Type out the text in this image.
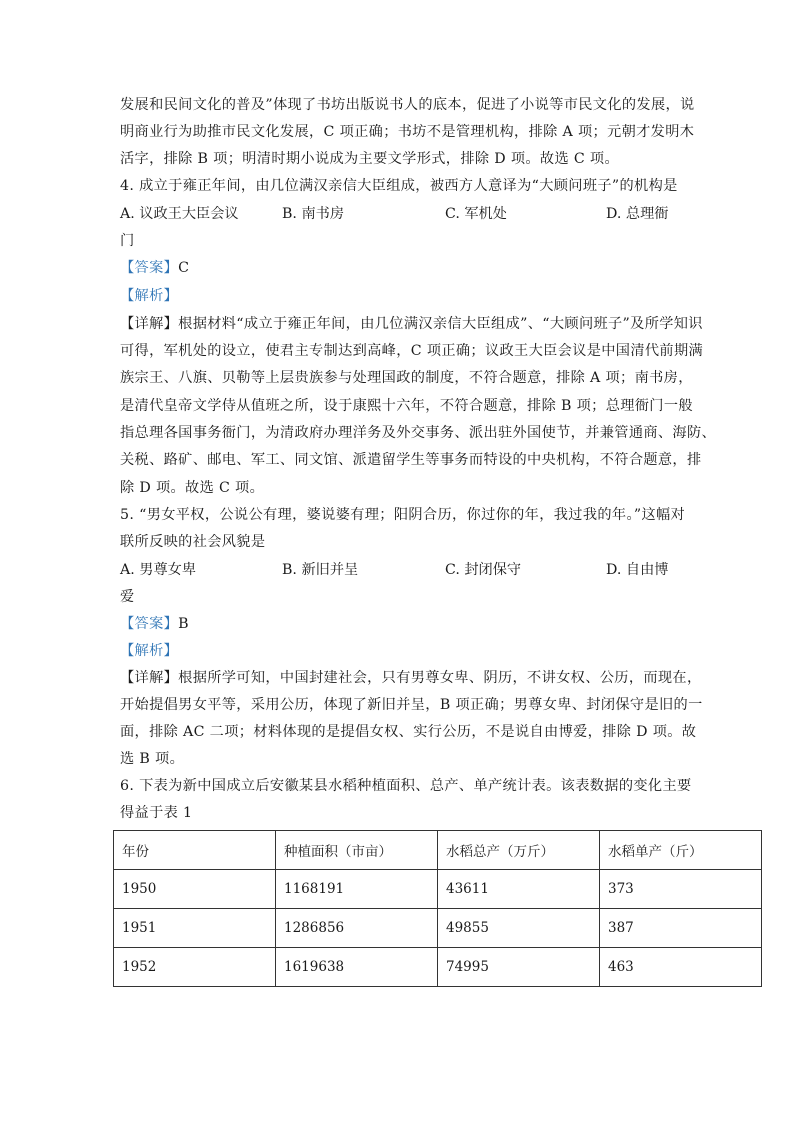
发展和民间文化的普及”体现了书坊出版说书人的底本，促进了小说等市民文化的发展，说
明商业行为助推市民文化发展，C 项正确；书坊不是管理机构，排除 A 项；元朝才发明木
活字，排除 B 项；明清时期小说成为主要文学形式，排除 D 项。故选 C 项。
4. 成立于雍正年间，由几位满汉亲信大臣组成，被西方人意译为“大顾问班子”的机构是
A. 议政王大臣会议	B. 南书房	C. 军机处	D. 总理衙
门
【答案】C
【解析】
【详解】根据材料“成立于雍正年间，由几位满汉亲信大臣组成”、“大顾问班子”及所学知识
可得，军机处的设立，使君主专制达到高峰，C 项正确；议政王大臣会议是中国清代前期满
族宗王、八旗、贝勒等上层贵族参与处理国政的制度，不符合题意，排除 A 项；南书房，
是清代皇帝文学侍从值班之所，设于康熙十六年，不符合题意，排除 B 项；总理衙门一般
指总理各国事务衙门，为清政府办理洋务及外交事务、派出驻外国使节，并兼管通商、海防、
关税、路矿、邮电、军工、同文馆、派遣留学生等事务而特设的中央机构，不符合题意，排
除 D 项。故选 C 项。
5. “男女平权，公说公有理，婆说婆有理；阳阴合历，你过你的年，我过我的年。”这幅对
联所反映的社会风貌是
A. 男尊女卑	B. 新旧并呈	C. 封闭保守	D. 自由博
爱
【答案】B
【解析】
【详解】根据所学可知，中国封建社会，只有男尊女卑、阴历，不讲女权、公历，而现在，
开始提倡男女平等，采用公历，体现了新旧并呈，B 项正确；男尊女卑、封闭保守是旧的一
面，排除 AC 二项；材料体现的是提倡女权、实行公历，不是说自由博爱，排除 D 项。故
选 B 项。
6. 下表为新中国成立后安徽某县水稻种植面积、总产、单产统计表。该表数据的变化主要
得益于表 1
年份	种植面积（市亩）	水稻总产（万斤）	水稻单产（斤）
1950	1168191	43611	373
1951	1286856	49855	387
1952	1619638	74995	463
